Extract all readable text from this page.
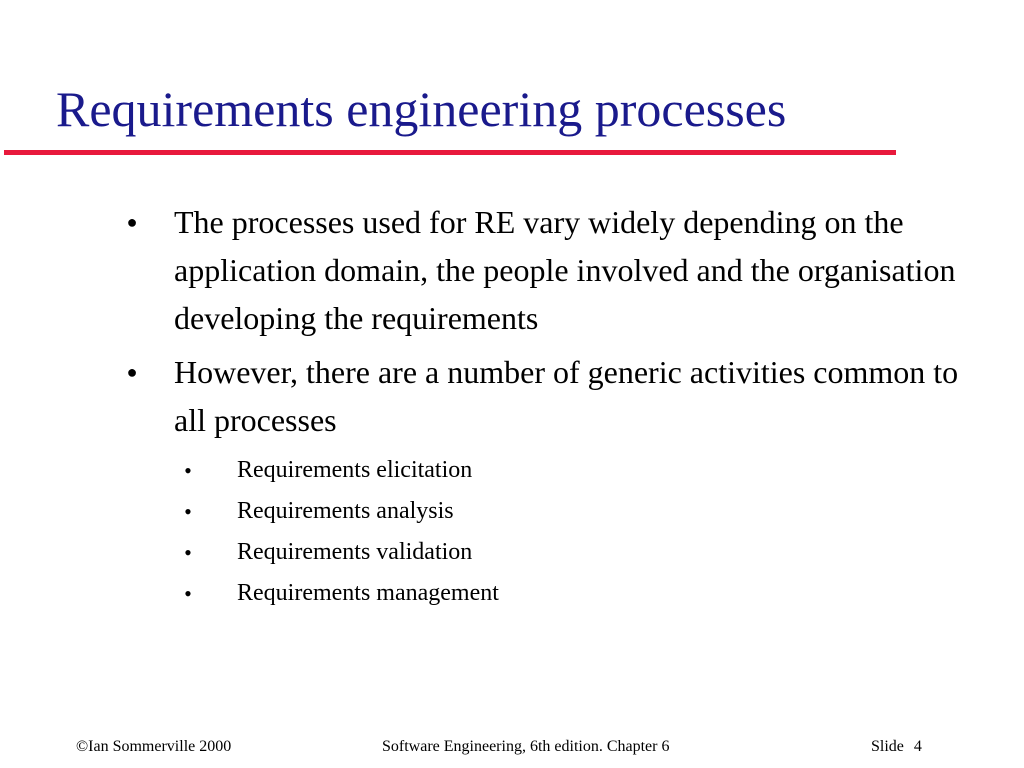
Requirements engineering processes
● The processes used for RE vary widely depending on the application domain, the people involved and the organisation developing the requirements
● However, there are a number of generic activities common to all processes
• Requirements elicitation
• Requirements analysis
• Requirements validation
• Requirements management
©Ian Sommerville 2000	Software Engineering, 6th edition. Chapter 6	Slide 4
